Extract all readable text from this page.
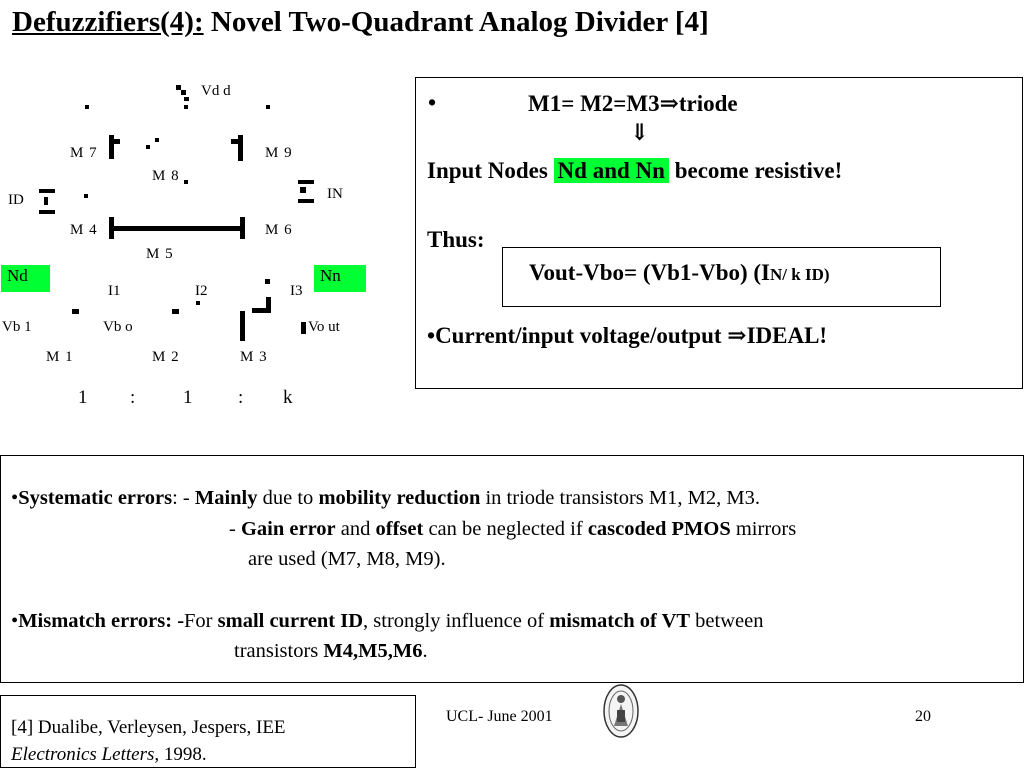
Defuzzifiers(4): Novel Two-Quadrant Analog Divider [4]
Vd d
M 7	M 9
M 8
ID	IN
M 4	M 6
M 5
Nd	Nn
I1	I2	I3
Vb 1	Vb o	Vo ut
M 1	M 2	M 3
1 :	1 : k
•	M1= M2=M3⇒triode
⇓
Input Nodes Nd and Nn become resistive!
Thus:
•Current/input voltage/output ⇒IDEAL!
Vout-Vbo= (Vb1-Vbo) (IN/ k ID)
•Systematic errors: - Mainly due to mobility reduction in triode transistors M1, M2, M3.
- Gain error and offset can be neglected if cascoded PMOS mirrors
are used (M7, M8, M9).
•Mismatch errors: -For small current ID, strongly influence of mismatch of VT between
transistors M4,M5,M6.
[4] Dualibe, Verleysen, Jespers, IEE
Electronics Letters, 1998.
UCL- June 2001	20
